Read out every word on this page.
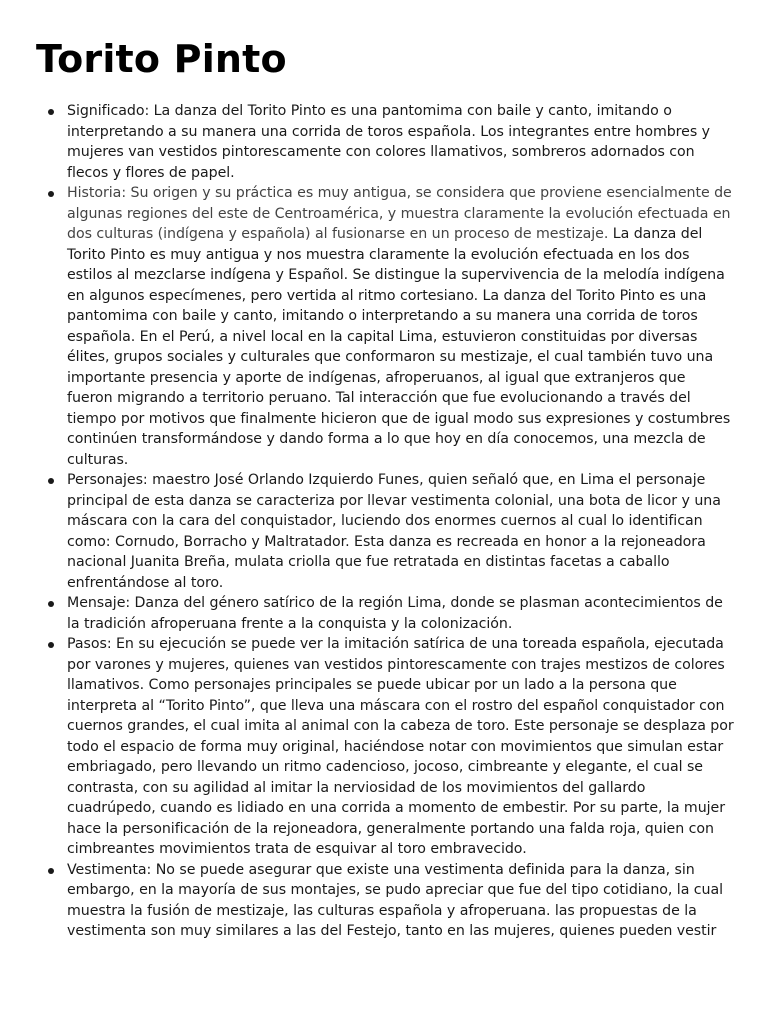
Torito Pinto
Significado: La danza del Torito Pinto es una pantomima con baile y canto, imitando o interpretando a su manera una corrida de toros española. Los integrantes entre hombres y mujeres van vestidos pintorescamente con colores llamativos, sombreros adornados con flecos y flores de papel.
Historia: Su origen y su práctica es muy antigua, se considera que proviene esencialmente de algunas regiones del este de Centroamérica, y muestra claramente la evolución efectuada en dos culturas (indígena y española) al fusionarse en un proceso de mestizaje. La danza del Torito Pinto es muy antigua y nos muestra claramente la evolución efectuada en los dos estilos al mezclarse indígena y Español. Se distingue la supervivencia de la melodía indígena en algunos especímenes, pero vertida al ritmo cortesiano. La danza del Torito Pinto es una pantomima con baile y canto, imitando o interpretando a su manera una corrida de toros española. En el Perú, a nivel local en la capital Lima, estuvieron constituidas por diversas élites, grupos sociales y culturales que conformaron su mestizaje, el cual también tuvo una importante presencia y aporte de indígenas, afroperuanos, al igual que extranjeros que fueron migrando a territorio peruano. Tal interacción que fue evolucionando a través del tiempo por motivos que finalmente hicieron que de igual modo sus expresiones y costumbres continúen transformándose y dando forma a lo que hoy en día conocemos, una mezcla de culturas.
Personajes: maestro José Orlando Izquierdo Funes, quien señaló que, en Lima el personaje principal de esta danza se caracteriza por llevar vestimenta colonial, una bota de licor y una máscara con la cara del conquistador, luciendo dos enormes cuernos al cual lo identifican como: Cornudo, Borracho y Maltratador. Esta danza es recreada en honor a la rejoneadora nacional Juanita Breña, mulata criolla que fue retratada en distintas facetas a caballo enfrentándose al toro.
Mensaje: Danza del género satírico de la región Lima, donde se plasman acontecimientos de la tradición afroperuana frente a la conquista y la colonización.
Pasos: En su ejecución se puede ver la imitación satírica de una toreada española, ejecutada por varones y mujeres, quienes van vestidos pintorescamente con trajes mestizos de colores llamativos. Como personajes principales se puede ubicar por un lado a la persona que interpreta al “Torito Pinto”, que lleva una máscara con el rostro del español conquistador con cuernos grandes, el cual imita al animal con la cabeza de toro. Este personaje se desplaza por todo el espacio de forma muy original, haciéndose notar con movimientos que simulan estar embriagado, pero llevando un ritmo cadencioso, jocoso, cimbreante y elegante, el cual se contrasta, con su agilidad al imitar la nerviosidad de los movimientos del gallardo cuadrúpedo, cuando es lidiado en una corrida a momento de embestir. Por su parte, la mujer hace la personificación de la rejoneadora, generalmente portando una falda roja, quien con cimbreantes movimientos trata de esquivar al toro embravecido.
Vestimenta: No se puede asegurar que existe una vestimenta definida para la danza, sin embargo, en la mayoría de sus montajes, se pudo apreciar que fue del tipo cotidiano, la cual muestra la fusión de mestizaje, las culturas española y afroperuana. las propuestas de la vestimenta son muy similares a las del Festejo, tanto en las mujeres, quienes pueden vestir
